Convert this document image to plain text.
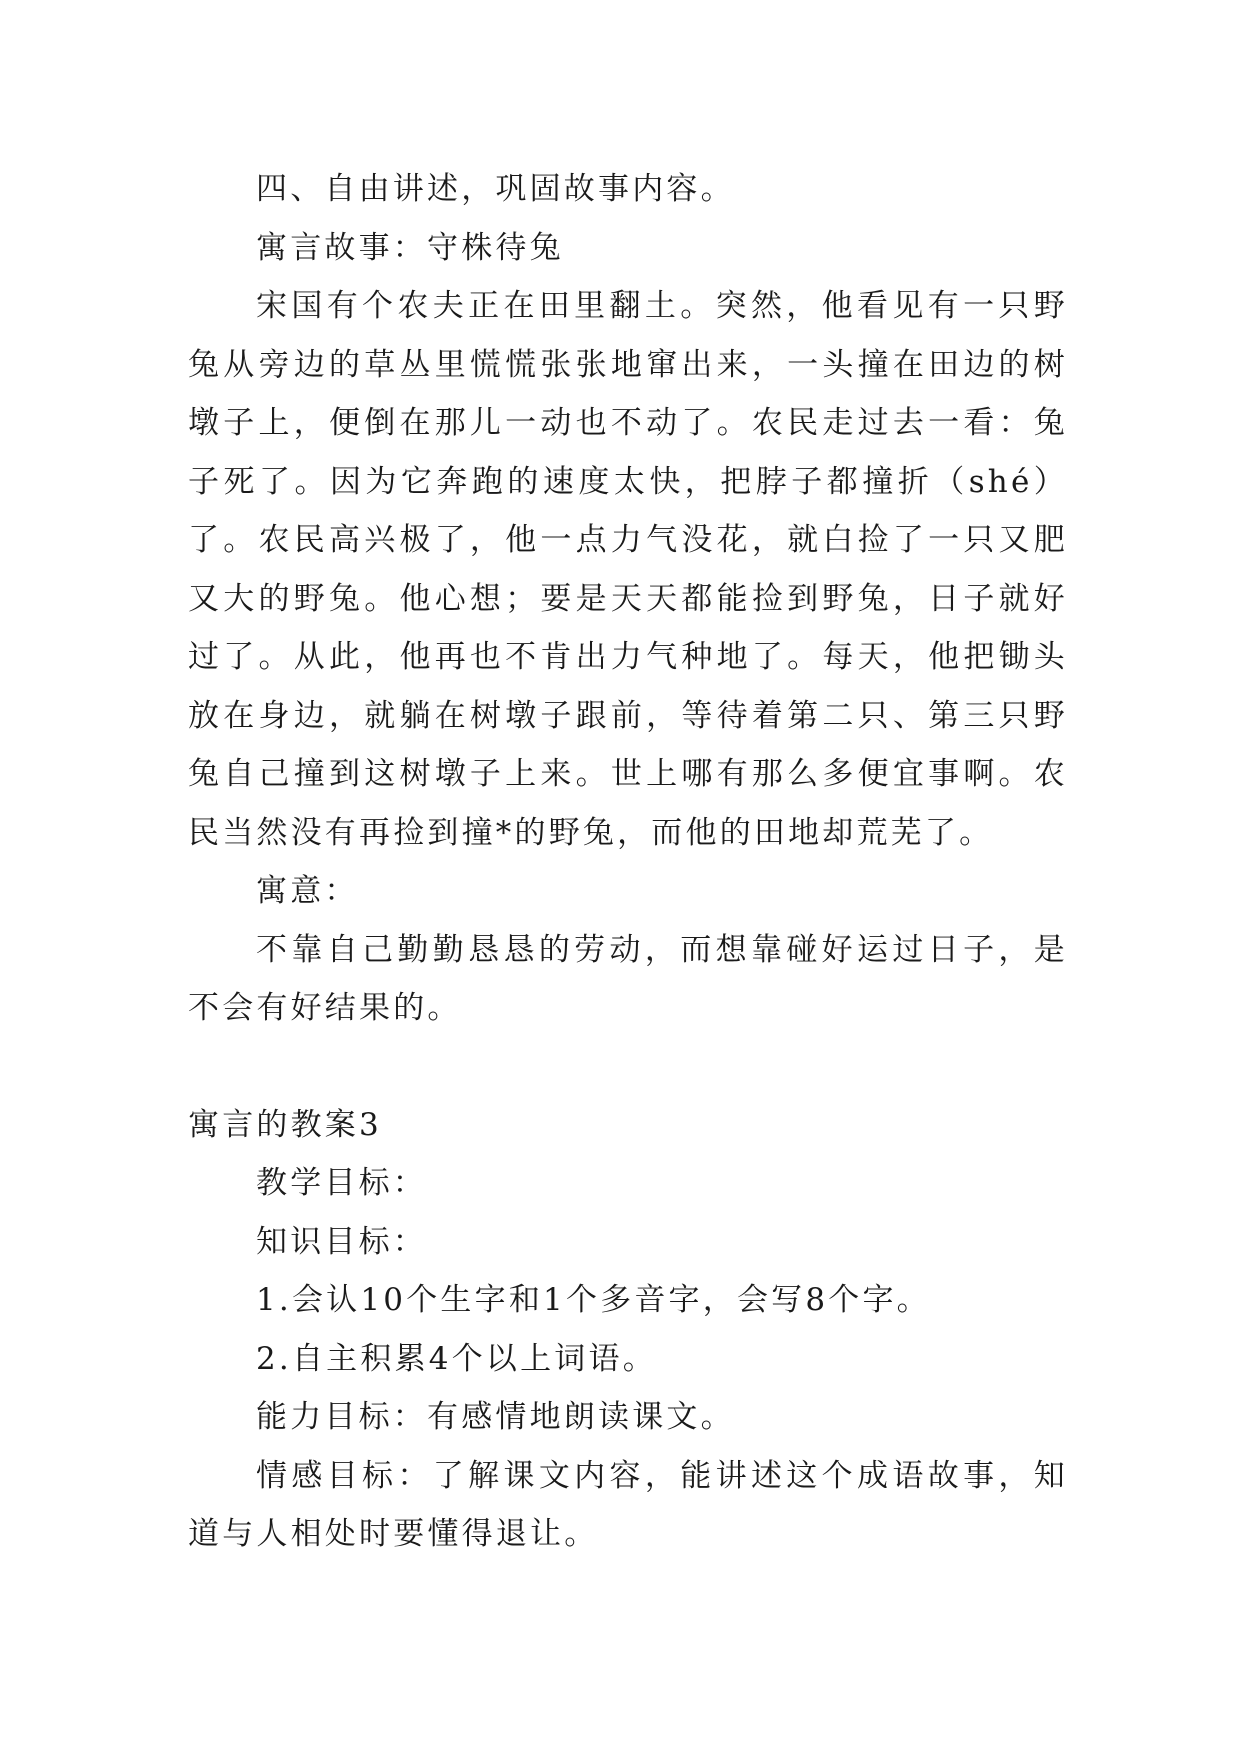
四、自由讲述，巩固故事内容。

寓言故事：守株待兔

宋国有个农夫正在田里翻土。突然，他看见有一只野兔从旁边的草丛里慌慌张张地窜出来，一头撞在田边的树墩子上，便倒在那儿一动也不动了。农民走过去一看：兔子死了。因为它奔跑的速度太快，把脖子都撞折（shé）了。农民高兴极了，他一点力气没花，就白捡了一只又肥又大的野兔。他心想；要是天天都能捡到野兔，日子就好过了。从此，他再也不肯出力气种地了。每天，他把锄头放在身边，就躺在树墩子跟前，等待着第二只、第三只野兔自己撞到这树墩子上来。世上哪有那么多便宜事啊。农民当然没有再捡到撞*的野兔，而他的田地却荒芜了。

寓意：

不靠自己勤勤恳恳的劳动，而想靠碰好运过日子，是不会有好结果的。

寓言的教案3

教学目标：

知识目标：

1.会认10个生字和1个多音字，会写8个字。

2.自主积累4个以上词语。

能力目标：有感情地朗读课文。

情感目标：了解课文内容，能讲述这个成语故事，知道与人相处时要懂得退让。
